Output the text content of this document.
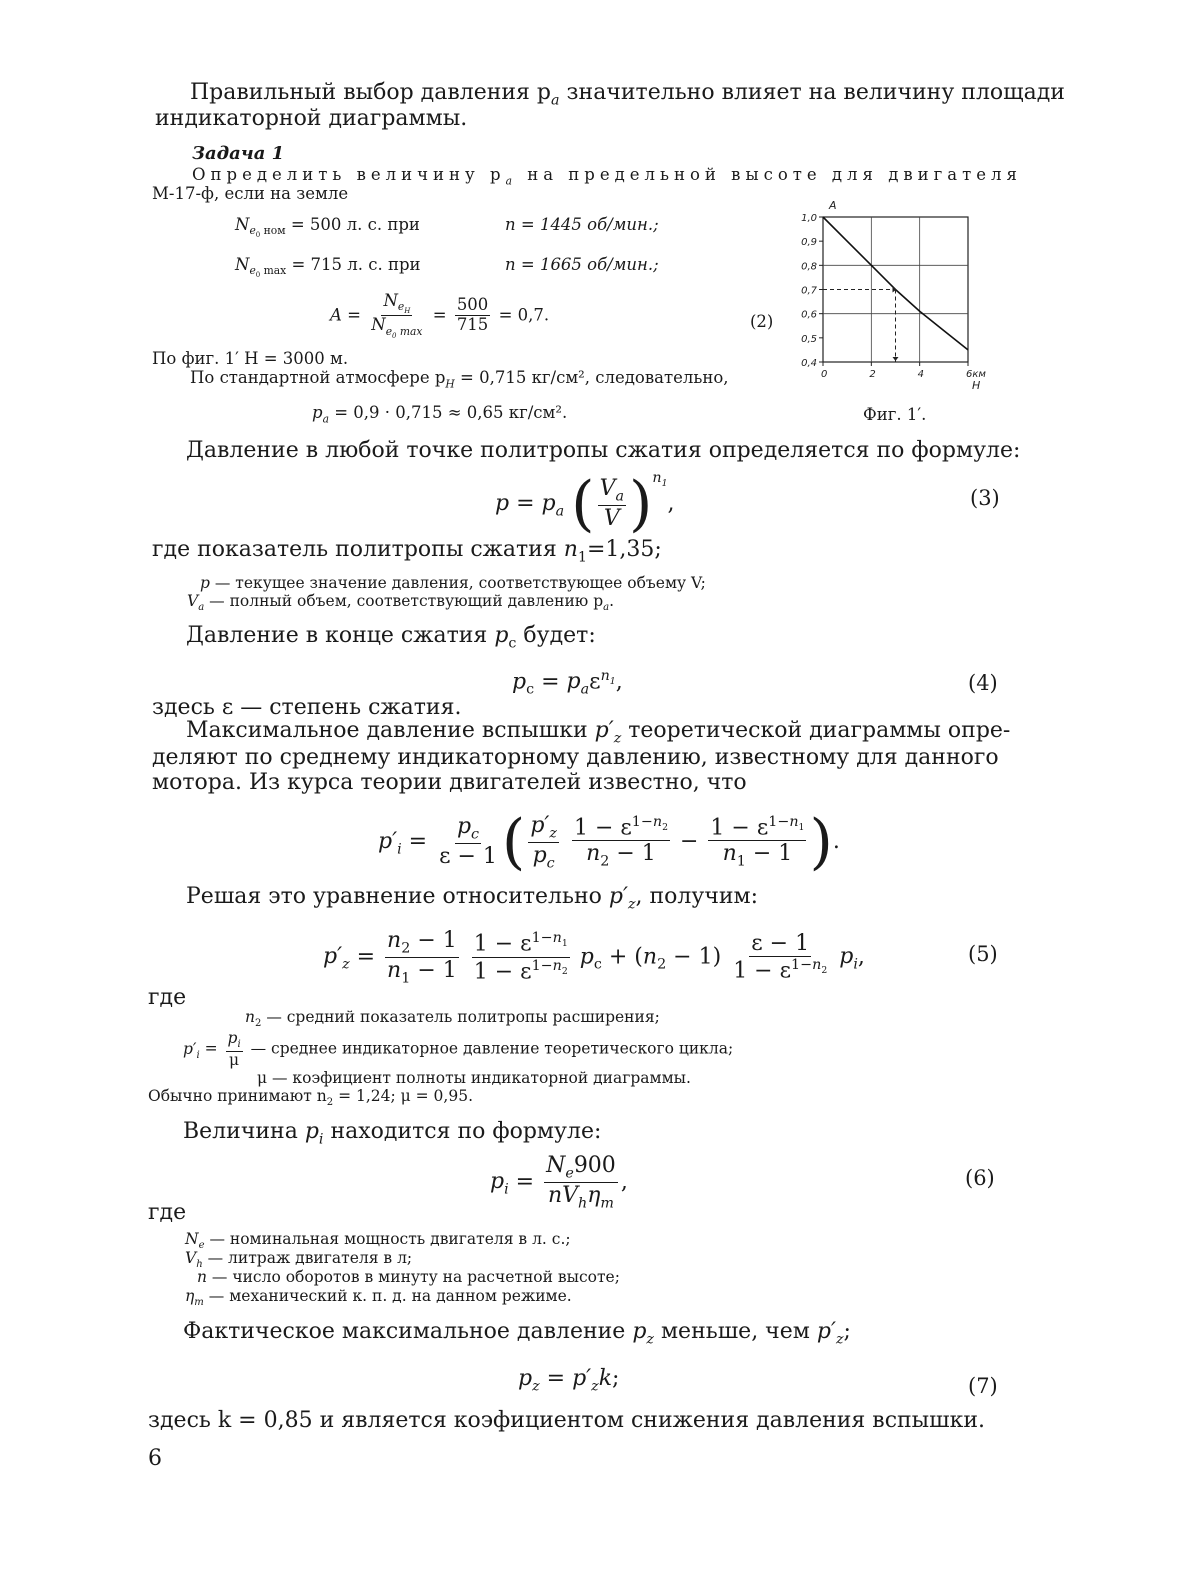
Правильный выбор давления $p_a$ значительно влияет на величину площади
индикаторной диаграммы.
Задача 1
Определить величину $p_a$ на предельной высоте для двигателя
М-17-ф, если на земле
$N_{e_0 ном} = 500$ л. с. при	n = 1445 об/мин.;
$N_{e_0 max} = 715$ л. с. при	n = 1665 об/мин.;
$A = \frac{N_{e_H}}{N_{e_0 max}} = \frac{500}{715} = 0,7$.	(2)
По фиг. 1′ H = 3000 м.
По стандартной атмосфере $p_H = 0,715$ кг/см², следовательно,
$p_a = 0,9 \cdot 0,715 \approx 0,65$ кг/см².
0,4
0,5
0,6
0,7
0,8
0,9
1,0
0	2	4	6км
H
A
Фиг. 1′.
Давление в любой точке политропы сжатия определяется по формуле:
$p = p_a$ ( $\frac{V_a}{V} )^{n_1}$,	(3)
где показатель политропы сжатия $n_1=1,35$;
p — текущее значение давления, соответствующее объему V;
$V_a$ — полный объем, соответствующий давлению $p_a$.
Давление в конце сжатия $p_c$ будет:
$p_c = p_a\varepsilon^{n_1}$,	(4)
здесь ε — степень сжатия.
Максимальное давление вспышки $p'_z$ теоретической диаграммы опре-
деляют по среднему индикаторному давлению, известному для данного
мотора. Из курса теории двигателей известно, что
$p'_i = \frac{p_c}{\varepsilon - 1}$ ( $\frac{p'_z}{p_c}$
$\frac{1 - \varepsilon^{1-n_2}}{n_2 - 1} - \frac{1 - \varepsilon^{1-n_1}}{n_1 - 1}$ ).
Решая это уравнение относительно $p'_z$, получим:
$p'_z = \frac{n_2 - 1}{n_1 - 1}$
$\frac{1 - \varepsilon^{1-n_1}}{1 - \varepsilon^{1-n_2}} p_c + (n_2 - 1) \frac{\varepsilon - 1}{1 - \varepsilon^{1-n_2}} p_i$,	(5)
где
$n_2$ — средний показатель политропы расширения;
$p'_i = \frac{p_i}{\mu}$ — среднее индикаторное давление теоретического цикла;
μ — коэфициент полноты индикаторной диаграммы.
Обычно принимают $n_2 = 1,24$; μ = 0,95.
Величина $p_i$ находится по формуле:
$p_i = \frac{N_e900}{nV_h\eta_m}$ ,	(6)
где
$N_e$ — номинальная мощность двигателя в л. с.;
$V_h$ — литраж двигателя в л;
n — число оборотов в минуту на расчетной высоте;
$\eta_m$ — механический к. п. д. на данном режиме.
Фактическое максимальное давление $p_z$ меньше, чем $p'_z$;
$p_z = p'_zk$;	(7)
здесь k = 0,85 и является коэфициентом снижения давления вспышки.
6
